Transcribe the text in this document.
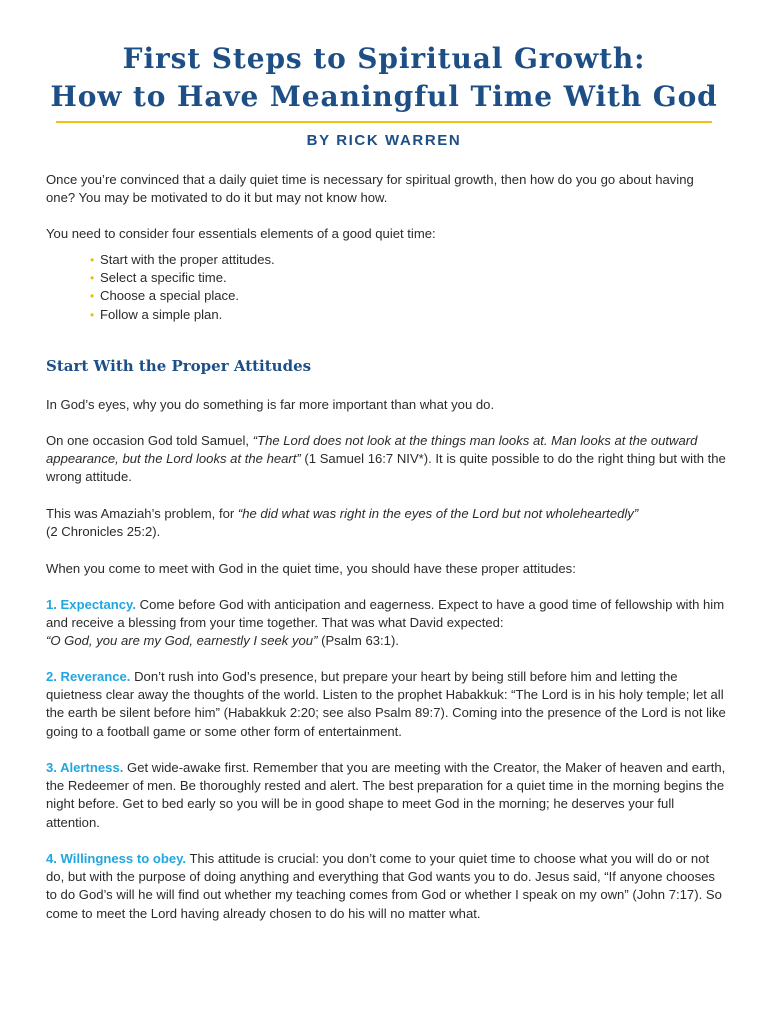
First Steps to Spiritual Growth:
How to Have Meaningful Time With God
BY RICK WARREN

Once you’re convinced that a daily quiet time is necessary for spiritual growth, then how do you go about having one? You may be motivated to do it but may not know how.

You need to consider four essentials elements of a good quiet time:

• Start with the proper attitudes.
• Select a specific time.
• Choose a special place.
• Follow a simple plan.
Start With the Proper Attitudes

In God’s eyes, why you do something is far more important than what you do.

On one occasion God told Samuel, “The Lord does not look at the things man looks at. Man looks at the outward appearance, but the Lord looks at the heart” (1 Samuel 16:7 NIV*). It is quite possible to do the right thing but with the wrong attitude.

This was Amaziah’s problem, for “he did what was right in the eyes of the Lord but not wholeheartedly”
(2 Chronicles 25:2).

When you come to meet with God in the quiet time, you should have these proper attitudes:

1. Expectancy. Come before God with anticipation and eagerness. Expect to have a good time of fellowship with him and receive a blessing from your time together. That was what David expected:
“O God, you are my God, earnestly I seek you” (Psalm 63:1).

2. Reverance. Don’t rush into God’s presence, but prepare your heart by being still before him and letting the quietness clear away the thoughts of the world. Listen to the prophet Habakkuk: “The Lord is in his holy temple; let all the earth be silent before him” (Habakkuk 2:20; see also Psalm 89:7). Coming into the presence of the Lord is not like going to a football game or some other form of entertainment.

3. Alertness. Get wide-awake first. Remember that you are meeting with the Creator, the Maker of heaven and earth, the Redeemer of men. Be thoroughly rested and alert. The best preparation for a quiet time in the morning begins the night before. Get to bed early so you will be in good shape to meet God in the morning; he deserves your full attention.

4. Willingness to obey. This attitude is crucial: you don’t come to your quiet time to choose what you will do or not do, but with the purpose of doing anything and everything that God wants you to do. Jesus said, “If anyone chooses to do God’s will he will find out whether my teaching comes from God or whether I speak on my own” (John 7:17). So come to meet the Lord having already chosen to do his will no matter what.
